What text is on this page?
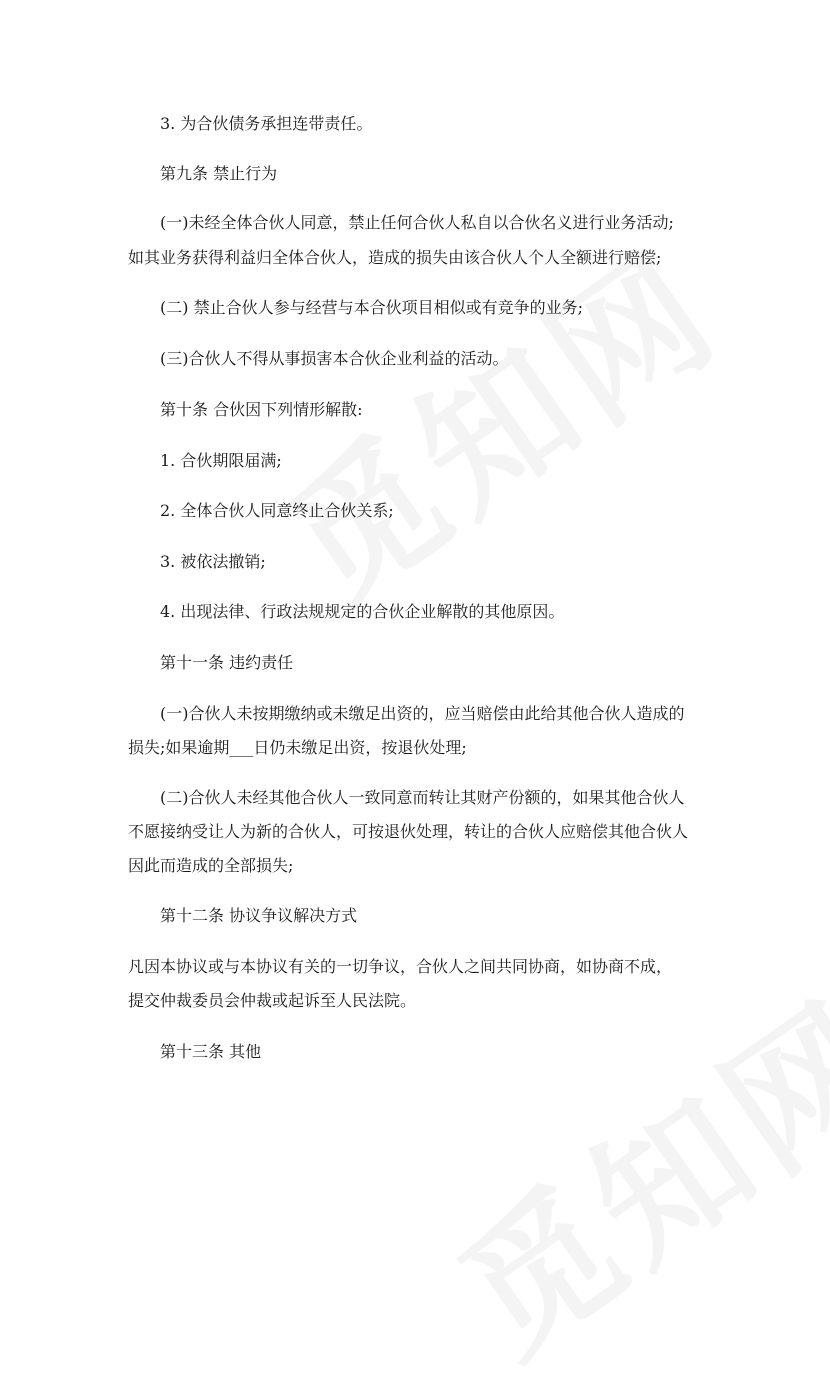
3. 为合伙债务承担连带责任。
第九条 禁止行为
(一)未经全体合伙人同意，禁止任何合伙人私自以合伙名义进行业务活动;
如其业务获得利益归全体合伙人，造成的损失由该合伙人个人全额进行赔偿;
(二) 禁止合伙人参与经营与本合伙项目相似或有竞争的业务;
(三)合伙人不得从事损害本合伙企业利益的活动。
第十条 合伙因下列情形解散:
1. 合伙期限届满;
2. 全体合伙人同意终止合伙关系;
3. 被依法撤销;
4. 出现法律、行政法规规定的合伙企业解散的其他原因。
第十一条 违约责任
(一)合伙人未按期缴纳或未缴足出资的，应当赔偿由此给其他合伙人造成的
损失;如果逾期___日仍未缴足出资，按退伙处理;
(二)合伙人未经其他合伙人一致同意而转让其财产份额的，如果其他合伙人
不愿接纳受让人为新的合伙人，可按退伙处理，转让的合伙人应赔偿其他合伙人
因此而造成的全部损失;
第十二条 协议争议解决方式
凡因本协议或与本协议有关的一切争议，合伙人之间共同协商，如协商不成，
提交仲裁委员会仲裁或起诉至人民法院。
第十三条 其他
